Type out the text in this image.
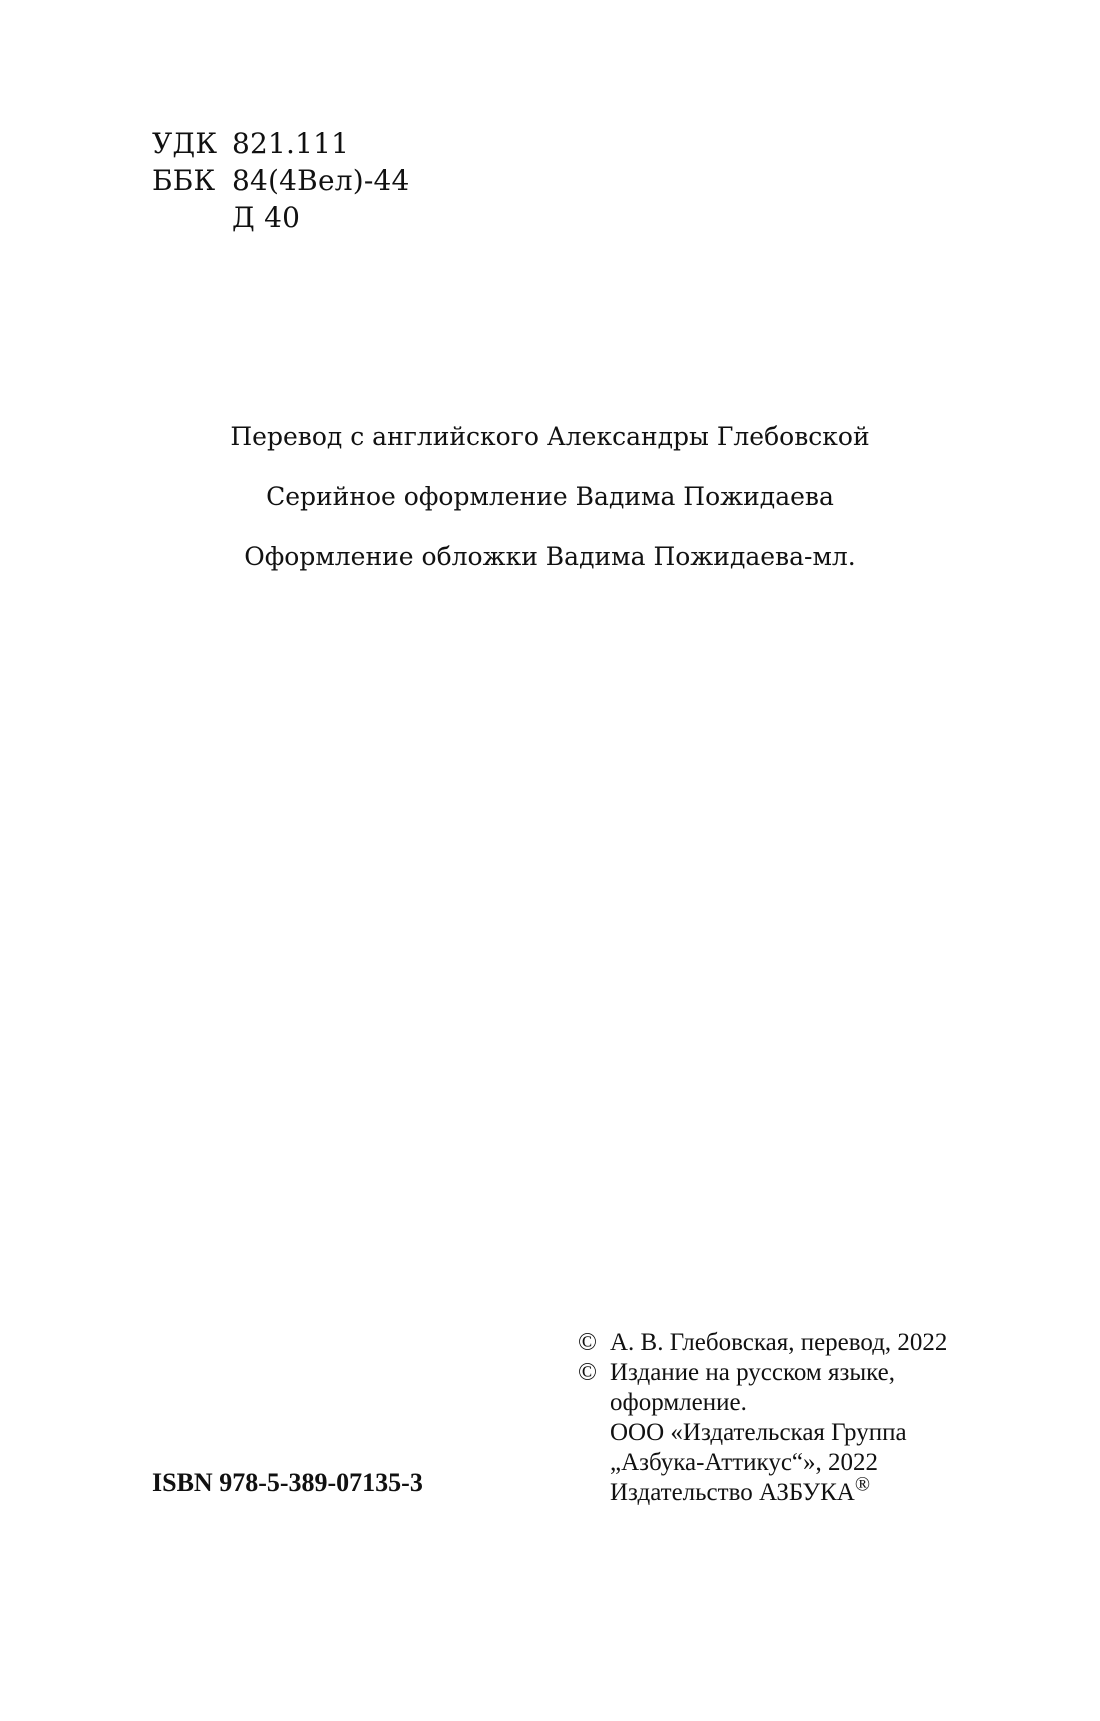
УДК 821.111
ББК 84(4Вел)-44
Д 40
Перевод с английского Александры Глебовской
Серийное оформление Вадима Пожидаева
Оформление обложки Вадима Пожидаева-мл.
ISBN 978-5-389-07135-3
© А. В. Глебовская, перевод, 2022
© Издание на русском языке,
оформление.
ООО «Издательская Группа
„Азбука-Аттикус“», 2022
Издательство АЗБУКА®
